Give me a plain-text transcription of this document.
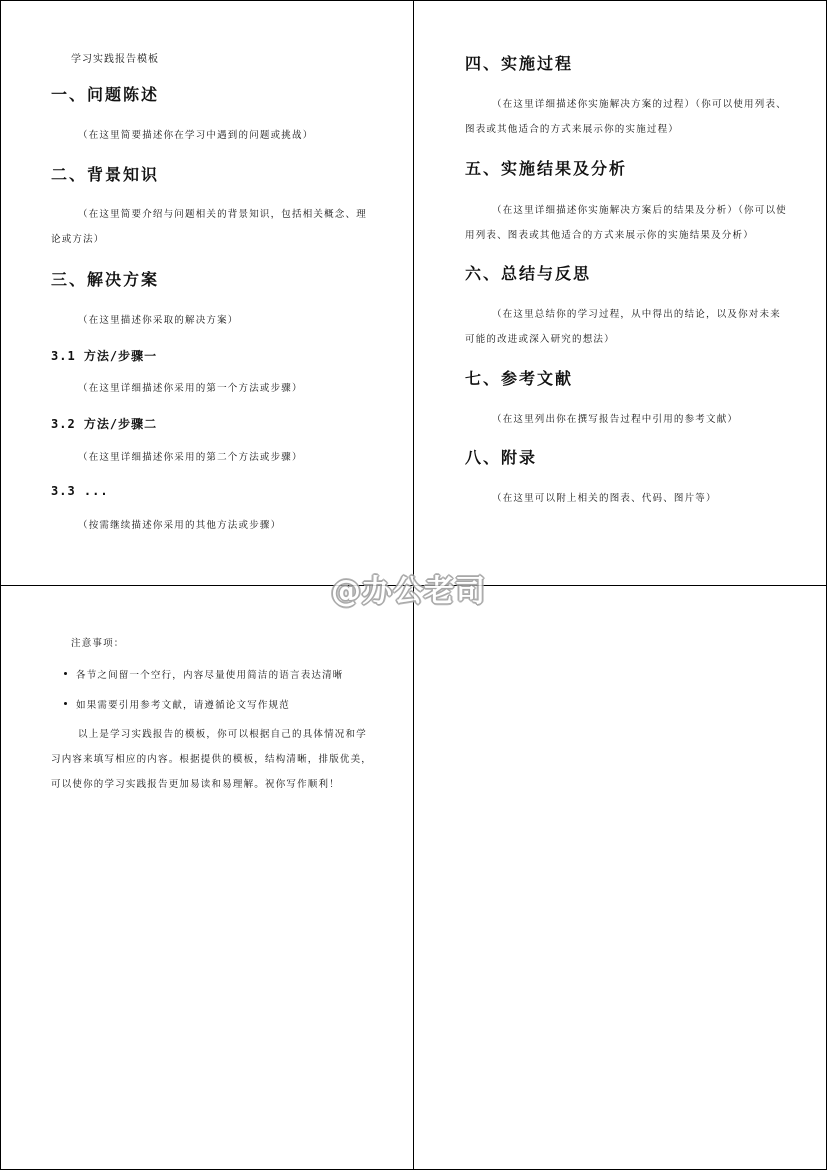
学习实践报告模板
一、问题陈述

（在这里简要描述你在学习中遇到的问题或挑战）

二、背景知识

（在这里简要介绍与问题相关的背景知识，包括相关概念、理论或方法）

三、解决方案

（在这里描述你采取的解决方案）

3.1 方法/步骤一

（在这里详细描述你采用的第一个方法或步骤）

3.2 方法/步骤二

（在这里详细描述你采用的第二个方法或步骤）

3.3 ...

（按需继续描述你采用的其他方法或步骤）

四、实施过程

（在这里详细描述你实施解决方案的过程）（你可以使用列表、图表或其他适合的方式来展示你的实施过程）

五、实施结果及分析

（在这里详细描述你实施解决方案后的结果及分析）（你可以使用列表、图表或其他适合的方式来展示你的实施结果及分析）

六、总结与反思

（在这里总结你的学习过程，从中得出的结论，以及你对未来可能的改进或深入研究的想法）

七、参考文献

（在这里列出你在撰写报告过程中引用的参考文献）

八、附录

（在这里可以附上相关的图表、代码、图片等）

@办公老司
注意事项：
各节之间留一个空行，内容尽量使用简洁的语言表达清晰
如果需要引用参考文献，请遵循论文写作规范

以上是学习实践报告的模板，你可以根据自己的具体情况和学习内容来填写相应的内容。根据提供的模板，结构清晰，排版优美，可以使你的学习实践报告更加易读和易理解。祝你写作顺利！
